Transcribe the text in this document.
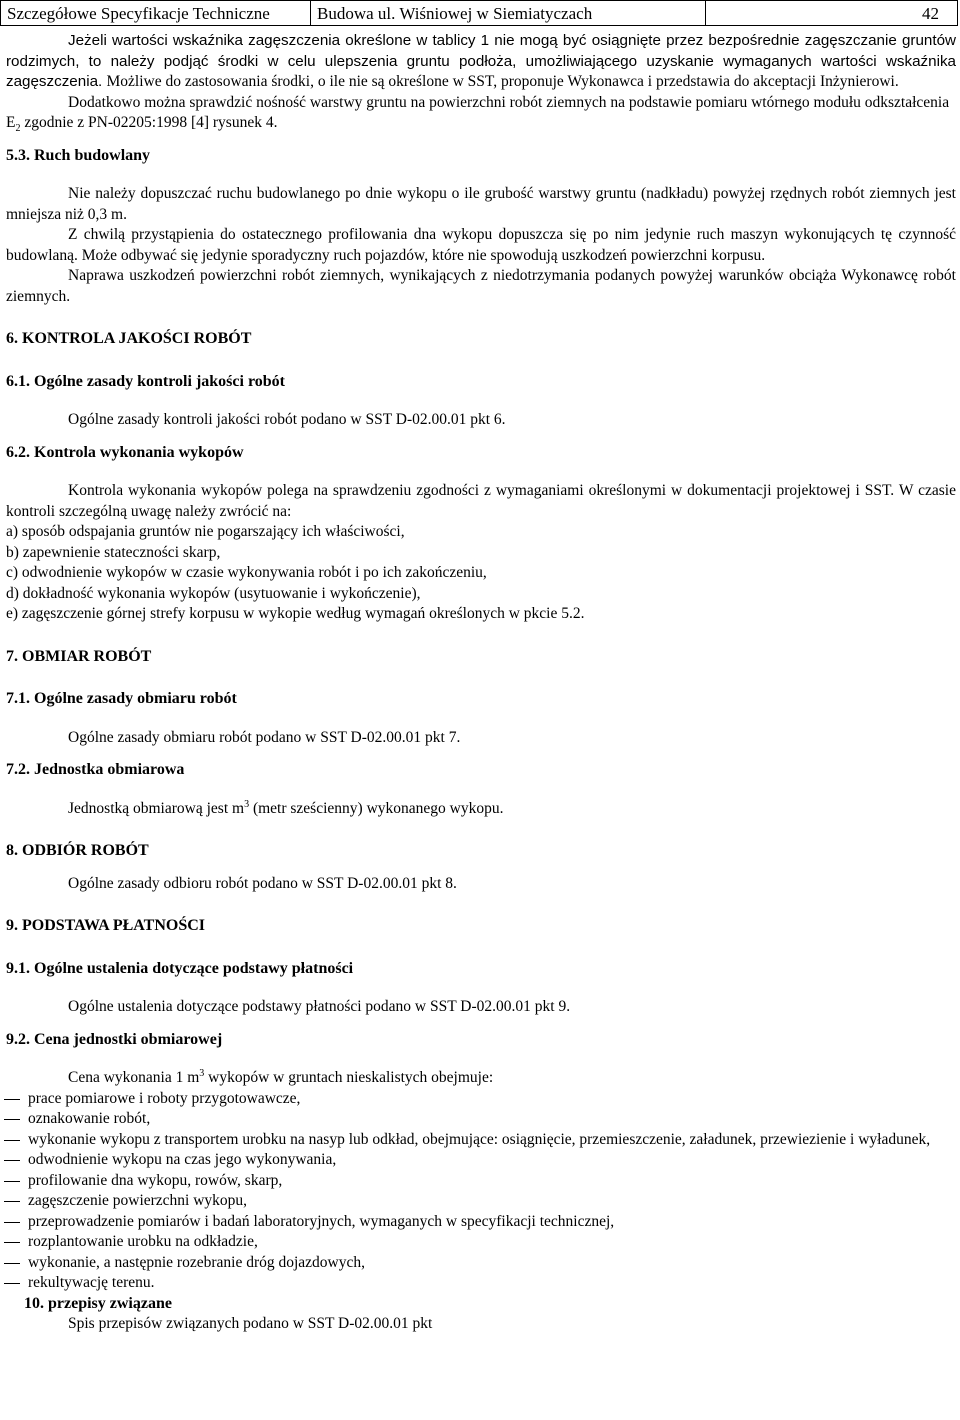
Szczegółowe Specyfikacje Techniczne	Budowa ul. Wiśniowej w Siemiatyczach	42

Jeżeli wartości wskaźnika zagęszczenia określone w tablicy 1 nie mogą być osiągnięte przez bezpośrednie zagęszczanie gruntów rodzimych, to należy podjąć środki w celu ulepszenia gruntu podłoża, umożliwiającego uzyskanie wymaganych wartości wskaźnika zagęszczenia. Możliwe do zastosowania środki, o ile nie są określone w SST, proponuje Wykonawca i przedstawia do akceptacji Inżynierowi.

Dodatkowo można sprawdzić nośność warstwy gruntu na powierzchni robót ziemnych na podstawie pomiaru wtórnego modułu odkształcenia $E_2$ zgodnie z PN-02205:1998 [4] rysunek 4.

5.3. Ruch budowlany

Nie należy dopuszczać ruchu budowlanego po dnie wykopu o ile grubość warstwy gruntu (nadkładu) powyżej rzędnych robót ziemnych jest mniejsza niż 0,3 m.

Z chwilą przystąpienia do ostatecznego profilowania dna wykopu dopuszcza się po nim jedynie ruch maszyn wykonujących tę czynność budowlaną. Może odbywać się jedynie sporadyczny ruch pojazdów, które nie spowodują uszkodzeń powierzchni korpusu.

Naprawa uszkodzeń powierzchni robót ziemnych, wynikających z niedotrzymania podanych powyżej warunków obciąża Wykonawcę robót ziemnych.

6. KONTROLA JAKOŚCI ROBÓT
6.1. Ogólne zasady kontroli jakości robót

Ogólne zasady kontroli jakości robót podano w SST D-02.00.01 pkt 6.

6.2. Kontrola wykonania wykopów

Kontrola wykonania wykopów polega na sprawdzeniu zgodności z wymaganiami określonymi w dokumentacji projektowej i SST. W czasie kontroli szczególną uwagę należy zwrócić na:

a) sposób odspajania gruntów nie pogarszający ich właściwości,

b) zapewnienie stateczności skarp,

c) odwodnienie wykopów w czasie wykonywania robót i po ich zakończeniu,

d) dokładność wykonania wykopów (usytuowanie i wykończenie),

e) zagęszczenie górnej strefy korpusu w wykopie według wymagań określonych w pkcie 5.2.

7. OBMIAR ROBÓT
7.1. Ogólne zasady obmiaru robót

Ogólne zasady obmiaru robót podano w SST D-02.00.01 pkt 7.

7.2. Jednostka obmiarowa

Jednostką obmiarową jest $m^3$ (metr sześcienny) wykonanego wykopu.

8. ODBIÓR ROBÓT

Ogólne zasady odbioru robót podano w SST D-02.00.01 pkt 8.

9. PODSTAWA PŁATNOŚCI
9.1. Ogólne ustalenia dotyczące podstawy płatności

Ogólne ustalenia dotyczące podstawy płatności podano w SST D-02.00.01 pkt 9.

9.2. Cena jednostki obmiarowej

Cena wykonania 1 $m^3$ wykopów w gruntach nieskalistych obejmuje:

prace pomiarowe i roboty przygotowawcze,
oznakowanie robót,
wykonanie wykopu z transportem urobku na nasyp lub odkład, obejmujące: osiągnięcie, przemieszczenie, załadunek, przewiezienie i wyładunek,
odwodnienie wykopu na czas jego wykonywania,
profilowanie dna wykopu, rowów, skarp,
zagęszczenie powierzchni wykopu,
przeprowadzenie pomiarów i badań laboratoryjnych, wymaganych w specyfikacji technicznej,
rozplantowanie urobku na odkładzie,
wykonanie, a następnie rozebranie dróg dojazdowych,
rekultywację terenu.
10. przepisy związane

Spis przepisów związanych podano w SST D-02.00.01 pkt
